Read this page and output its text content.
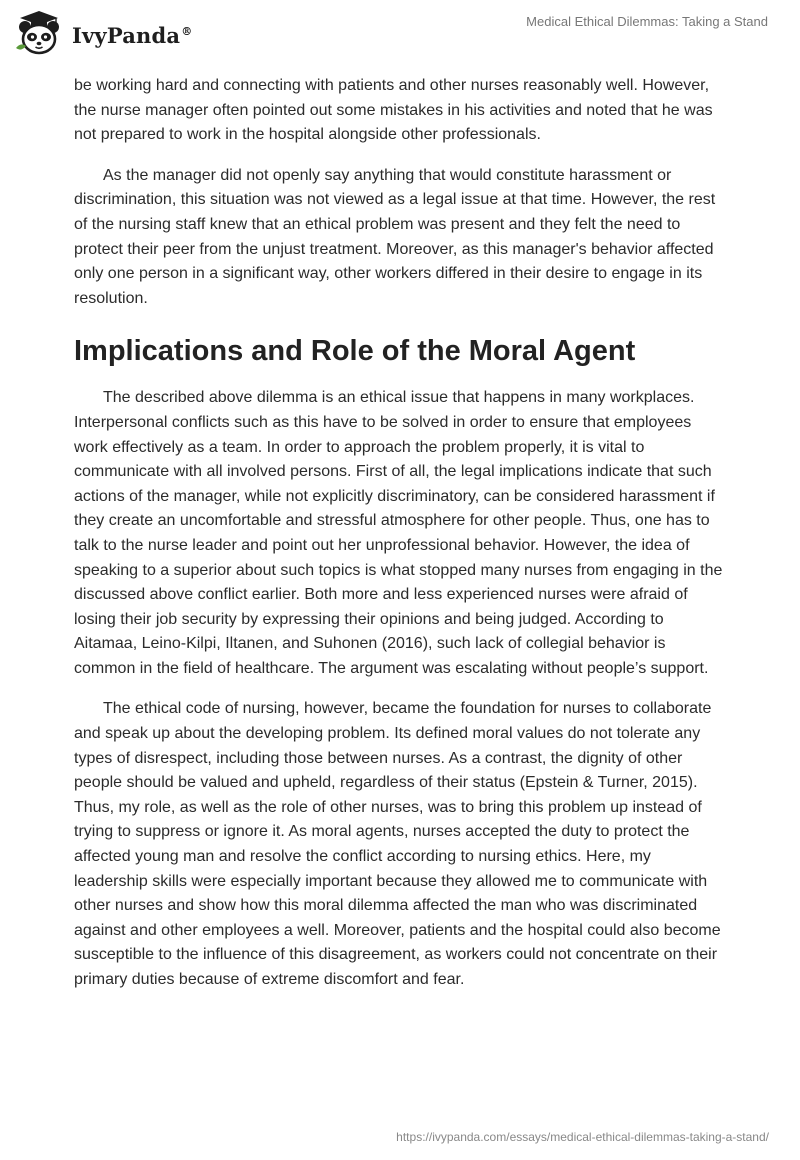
IvyPanda®
Medical Ethical Dilemmas: Taking a Stand

be working hard and connecting with patients and other nurses reasonably well. However, the nurse manager often pointed out some mistakes in his activities and noted that he was not prepared to work in the hospital alongside other professionals.

As the manager did not openly say anything that would constitute harassment or discrimination, this situation was not viewed as a legal issue at that time. However, the rest of the nursing staff knew that an ethical problem was present and they felt the need to protect their peer from the unjust treatment. Moreover, as this manager's behavior affected only one person in a significant way, other workers differed in their desire to engage in its resolution.

Implications and Role of the Moral Agent

The described above dilemma is an ethical issue that happens in many workplaces. Interpersonal conflicts such as this have to be solved in order to ensure that employees work effectively as a team. In order to approach the problem properly, it is vital to communicate with all involved persons. First of all, the legal implications indicate that such actions of the manager, while not explicitly discriminatory, can be considered harassment if they create an uncomfortable and stressful atmosphere for other people. Thus, one has to talk to the nurse leader and point out her unprofessional behavior. However, the idea of speaking to a superior about such topics is what stopped many nurses from engaging in the discussed above conflict earlier. Both more and less experienced nurses were afraid of losing their job security by expressing their opinions and being judged. According to Aitamaa, Leino-Kilpi, Iltanen, and Suhonen (2016), such lack of collegial behavior is common in the field of healthcare. The argument was escalating without people’s support.

The ethical code of nursing, however, became the foundation for nurses to collaborate and speak up about the developing problem. Its defined moral values do not tolerate any types of disrespect, including those between nurses. As a contrast, the dignity of other people should be valued and upheld, regardless of their status (Epstein & Turner, 2015). Thus, my role, as well as the role of other nurses, was to bring this problem up instead of trying to suppress or ignore it. As moral agents, nurses accepted the duty to protect the affected young man and resolve the conflict according to nursing ethics. Here, my leadership skills were especially important because they allowed me to communicate with other nurses and show how this moral dilemma affected the man who was discriminated against and other employees a well. Moreover, patients and the hospital could also become susceptible to the influence of this disagreement, as workers could not concentrate on their primary duties because of extreme discomfort and fear.

https://ivypanda.com/essays/medical-ethical-dilemmas-taking-a-stand/
